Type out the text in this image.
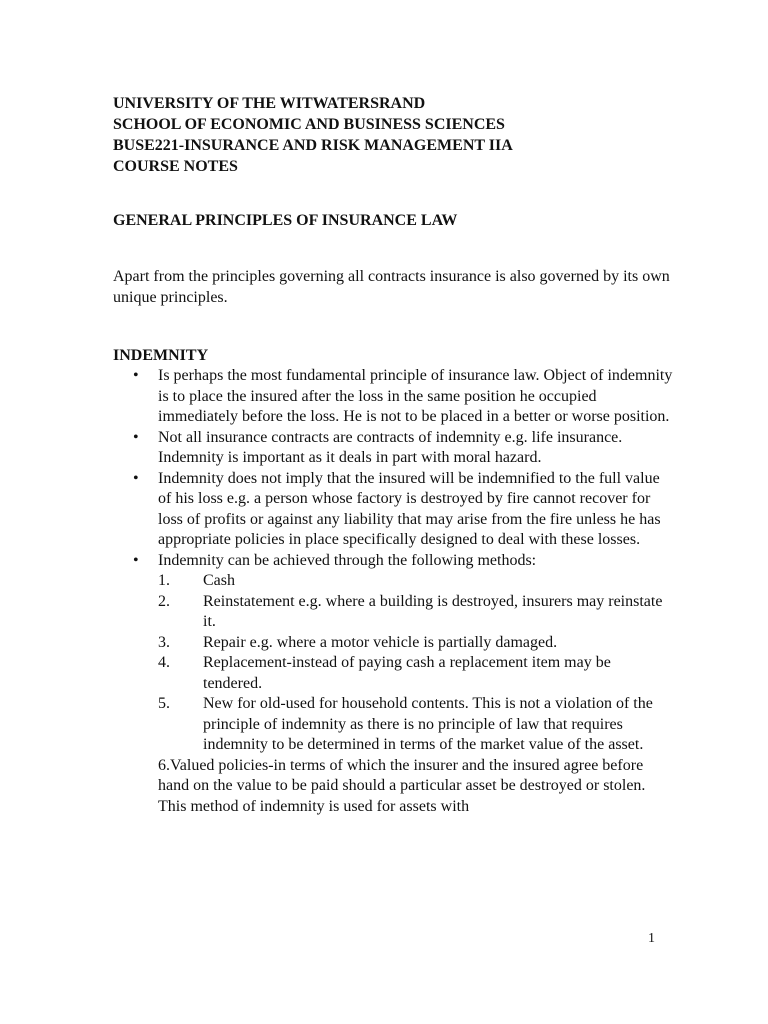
UNIVERSITY OF THE WITWATERSRAND
SCHOOL OF ECONOMIC AND BUSINESS SCIENCES
BUSE221-INSURANCE AND RISK MANAGEMENT IIA
COURSE NOTES
GENERAL PRINCIPLES OF INSURANCE LAW
Apart from the principles governing all contracts insurance is also governed by its own unique principles.
INDEMNITY
•	Is perhaps the most fundamental principle of insurance law. Object of indemnity is to place the insured after the loss in the same position he occupied immediately before the loss. He is not to be placed in a better or worse position.
•	Not all insurance contracts are contracts of indemnity e.g. life insurance. Indemnity is important as it deals in part with moral hazard.
•	Indemnity does not imply that the insured will be indemnified to the full value of his loss e.g. a person whose factory is destroyed by fire cannot recover for loss of profits or against any liability that may arise from the fire unless he has appropriate policies in place specifically designed to deal with these losses.
•	Indemnity can be achieved through the following methods:
1.	Cash
2.	Reinstatement e.g. where a building is destroyed, insurers may reinstate it.
3.	Repair e.g. where a motor vehicle is partially damaged.
4.	Replacement-instead of paying cash a replacement item may be tendered.
5.	New for old-used for household contents. This is not a violation of the principle of indemnity as there is no principle of law that requires indemnity to be determined in terms of the market value of the asset.
6.Valued policies-in terms of which the insurer and the insured agree before hand on the value to be paid should a particular asset be destroyed or stolen. This method of indemnity is used for assets with
1
